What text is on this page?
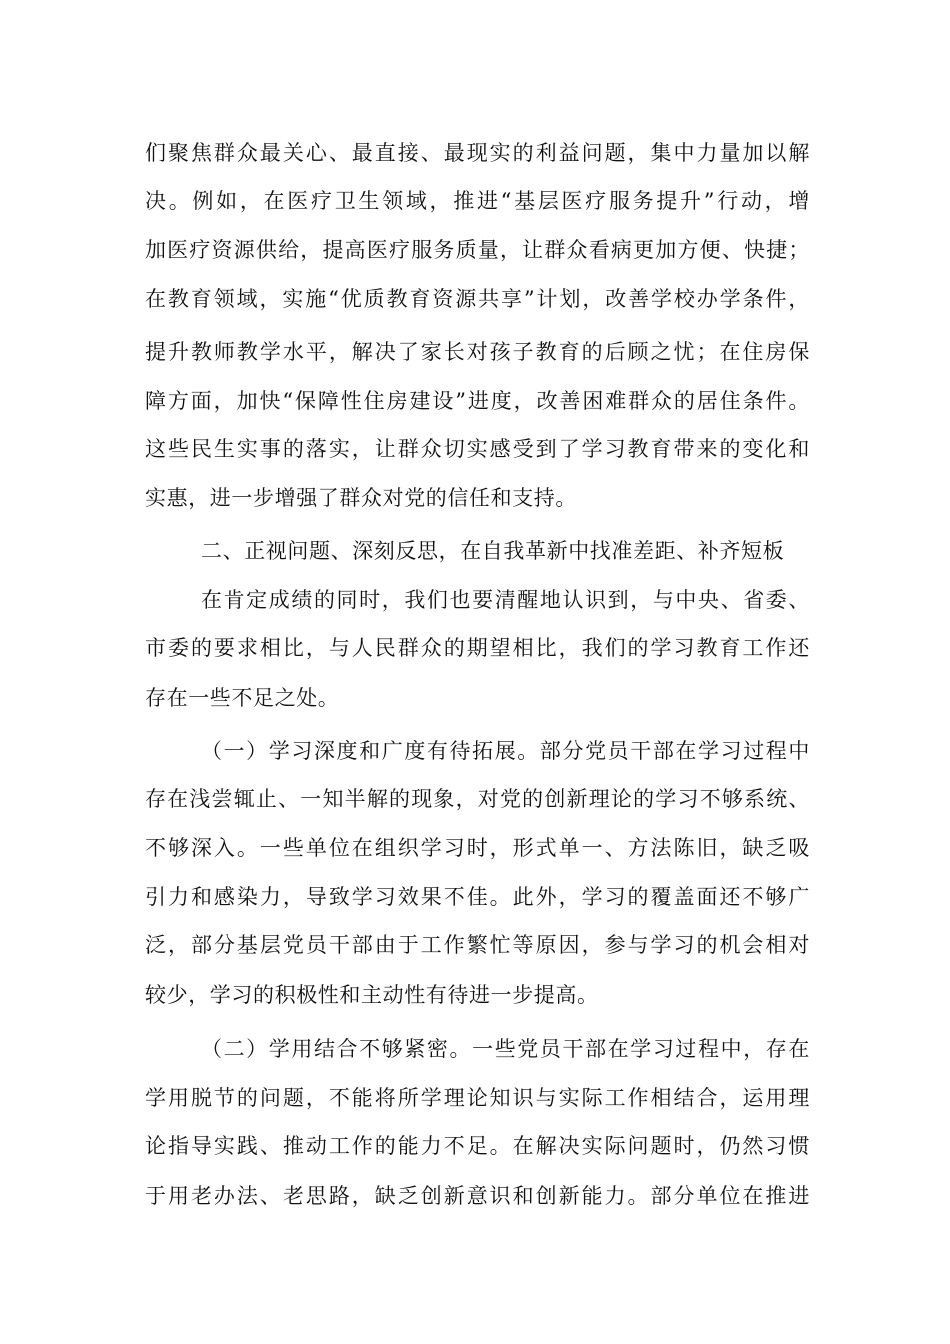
们聚焦群众最关心、最直接、最现实的利益问题，集中力量加以解
决。例如，在医疗卫生领域，推进“基层医疗服务提升”行动，增
加医疗资源供给，提高医疗服务质量，让群众看病更加方便、快捷；
在教育领域，实施“优质教育资源共享”计划，改善学校办学条件，
提升教师教学水平，解决了家长对孩子教育的后顾之忧；在住房保
障方面，加快“保障性住房建设”进度，改善困难群众的居住条件。
这些民生实事的落实，让群众切实感受到了学习教育带来的变化和
实惠，进一步增强了群众对党的信任和支持。
二、正视问题、深刻反思，在自我革新中找准差距、补齐短板
在肯定成绩的同时，我们也要清醒地认识到，与中央、省委、
市委的要求相比，与人民群众的期望相比，我们的学习教育工作还
存在一些不足之处。
（一）学习深度和广度有待拓展。部分党员干部在学习过程中
存在浅尝辄止、一知半解的现象，对党的创新理论的学习不够系统、
不够深入。一些单位在组织学习时，形式单一、方法陈旧，缺乏吸
引力和感染力，导致学习效果不佳。此外，学习的覆盖面还不够广
泛，部分基层党员干部由于工作繁忙等原因，参与学习的机会相对
较少，学习的积极性和主动性有待进一步提高。
（二）学用结合不够紧密。一些党员干部在学习过程中，存在
学用脱节的问题，不能将所学理论知识与实际工作相结合，运用理
论指导实践、推动工作的能力不足。在解决实际问题时，仍然习惯
于用老办法、老思路，缺乏创新意识和创新能力。部分单位在推进
